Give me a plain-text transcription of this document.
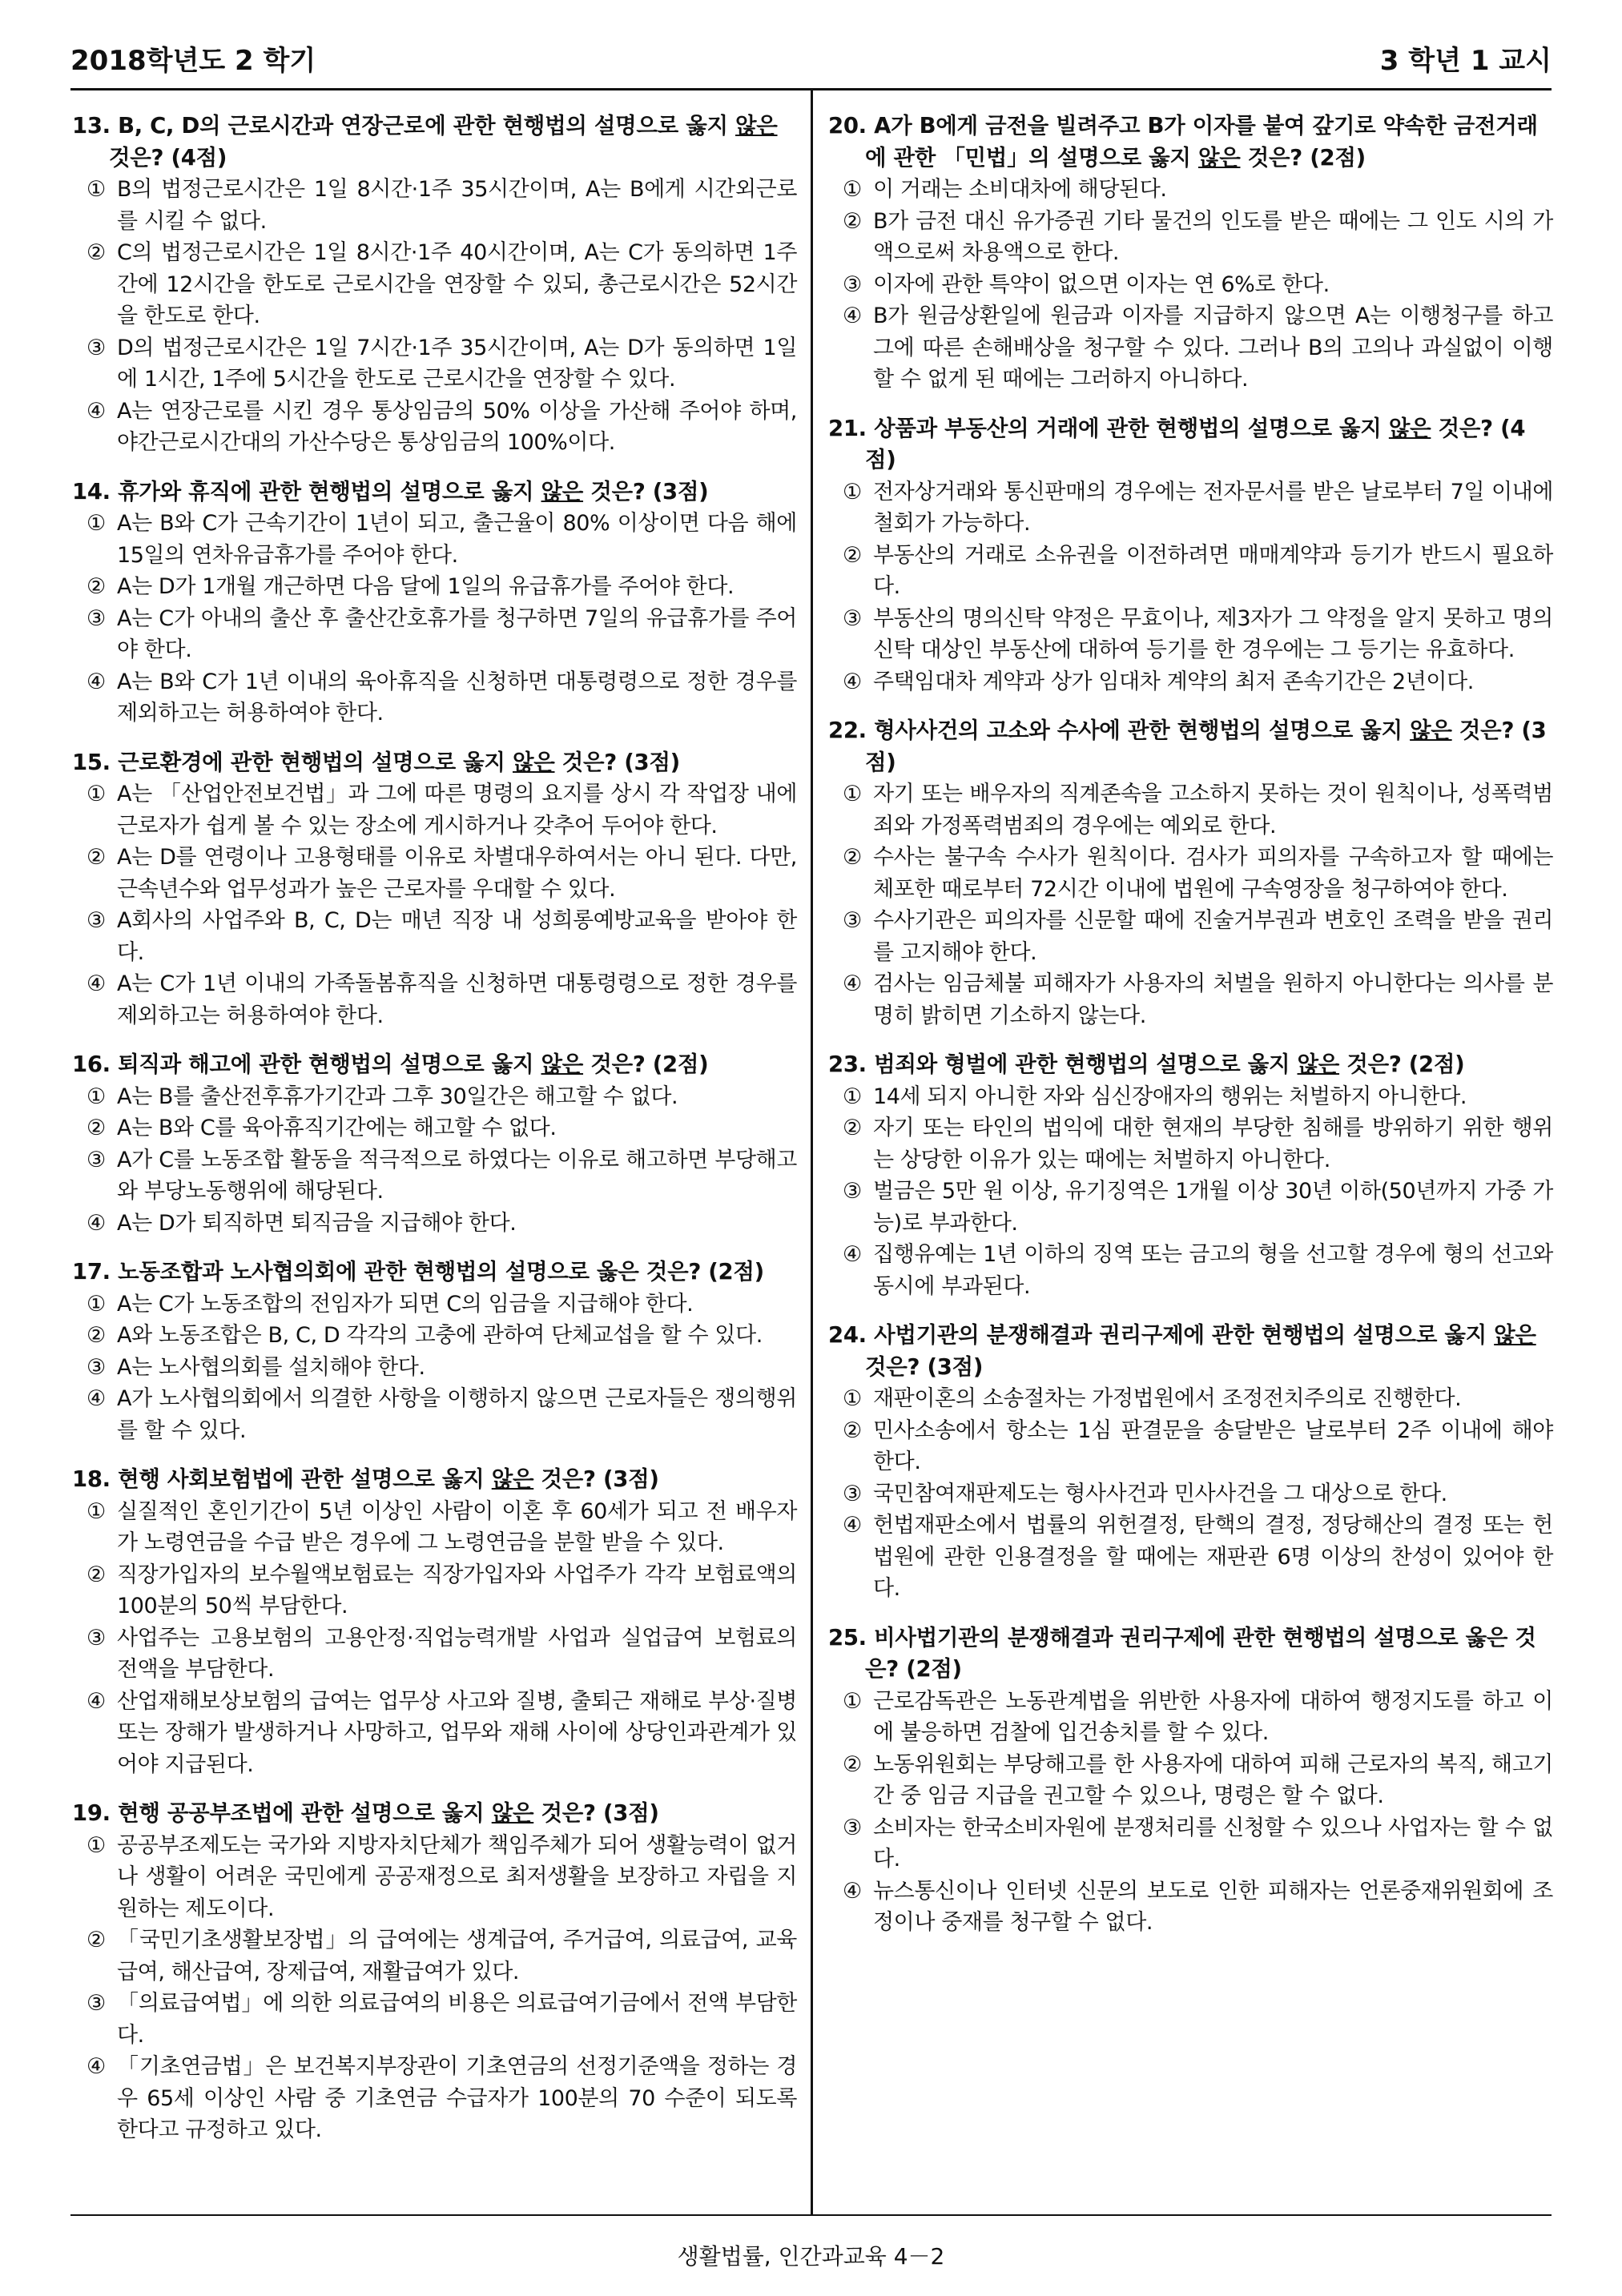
2018학년도 2 학기	3 학년 1 교시
13. B, C, D의 근로시간과 연장근로에 관한 현행법의 설명으로 옳지 않은 것은? (4점)
① B의 법정근로시간은 1일 8시간·1주 35시간이며, A는 B에게 시간외근로를 시킬 수 없다.
② C의 법정근로시간은 1일 8시간·1주 40시간이며, A는 C가 동의하면 1주간에 12시간을 한도로 근로시간을 연장할 수 있되, 총근로시간은 52시간을 한도로 한다.
③ D의 법정근로시간은 1일 7시간·1주 35시간이며, A는 D가 동의하면 1일에 1시간, 1주에 5시간을 한도로 근로시간을 연장할 수 있다.
④ A는 연장근로를 시킨 경우 통상임금의 50% 이상을 가산해 주어야 하며, 야간근로시간대의 가산수당은 통상임금의 100%이다.
14. 휴가와 휴직에 관한 현행법의 설명으로 옳지 않은 것은? (3점)
① A는 B와 C가 근속기간이 1년이 되고, 출근율이 80% 이상이면 다음 해에 15일의 연차유급휴가를 주어야 한다.
② A는 D가 1개월 개근하면 다음 달에 1일의 유급휴가를 주어야 한다.
③ A는 C가 아내의 출산 후 출산간호휴가를 청구하면 7일의 유급휴가를 주어야 한다.
④ A는 B와 C가 1년 이내의 육아휴직을 신청하면 대통령령으로 정한 경우를 제외하고는 허용하여야 한다.
15. 근로환경에 관한 현행법의 설명으로 옳지 않은 것은? (3점)
① A는 「산업안전보건법」과 그에 따른 명령의 요지를 상시 각 작업장 내에 근로자가 쉽게 볼 수 있는 장소에 게시하거나 갖추어 두어야 한다.
② A는 D를 연령이나 고용형태를 이유로 차별대우하여서는 아니 된다. 다만, 근속년수와 업무성과가 높은 근로자를 우대할 수 있다.
③ A회사의 사업주와 B, C, D는 매년 직장 내 성희롱예방교육을 받아야 한다.
④ A는 C가 1년 이내의 가족돌봄휴직을 신청하면 대통령령으로 정한 경우를 제외하고는 허용하여야 한다.
16. 퇴직과 해고에 관한 현행법의 설명으로 옳지 않은 것은? (2점)
① A는 B를 출산전후휴가기간과 그후 30일간은 해고할 수 없다.
② A는 B와 C를 육아휴직기간에는 해고할 수 없다.
③ A가 C를 노동조합 활동을 적극적으로 하였다는 이유로 해고하면 부당해고와 부당노동행위에 해당된다.
④ A는 D가 퇴직하면 퇴직금을 지급해야 한다.
17. 노동조합과 노사협의회에 관한 현행법의 설명으로 옳은 것은? (2점)
① A는 C가 노동조합의 전임자가 되면 C의 임금을 지급해야 한다.
② A와 노동조합은 B, C, D 각각의 고충에 관하여 단체교섭을 할 수 있다.
③ A는 노사협의회를 설치해야 한다.
④ A가 노사협의회에서 의결한 사항을 이행하지 않으면 근로자들은 쟁의행위를 할 수 있다.
18. 현행 사회보험법에 관한 설명으로 옳지 않은 것은? (3점)
① 실질적인 혼인기간이 5년 이상인 사람이 이혼 후 60세가 되고 전 배우자가 노령연금을 수급 받은 경우에 그 노령연금을 분할 받을 수 있다.
② 직장가입자의 보수월액보험료는 직장가입자와 사업주가 각각 보험료액의 100분의 50씩 부담한다.
③ 사업주는 고용보험의 고용안정·직업능력개발 사업과 실업급여 보험료의 전액을 부담한다.
④ 산업재해보상보험의 급여는 업무상 사고와 질병, 출퇴근 재해로 부상·질병 또는 장해가 발생하거나 사망하고, 업무와 재해 사이에 상당인과관계가 있어야 지급된다.
19. 현행 공공부조법에 관한 설명으로 옳지 않은 것은? (3점)
① 공공부조제도는 국가와 지방자치단체가 책임주체가 되어 생활능력이 없거나 생활이 어려운 국민에게 공공재정으로 최저생활을 보장하고 자립을 지원하는 제도이다.
② 「국민기초생활보장법」의 급여에는 생계급여, 주거급여, 의료급여, 교육급여, 해산급여, 장제급여, 재활급여가 있다.
③ 「의료급여법」에 의한 의료급여의 비용은 의료급여기금에서 전액 부담한다.
④ 「기초연금법」은 보건복지부장관이 기초연금의 선정기준액을 정하는 경우 65세 이상인 사람 중 기초연금 수급자가 100분의 70 수준이 되도록 한다고 규정하고 있다.
20. A가 B에게 금전을 빌려주고 B가 이자를 붙여 갚기로 약속한 금전거래에 관한 「민법」의 설명으로 옳지 않은 것은? (2점)
① 이 거래는 소비대차에 해당된다.
② B가 금전 대신 유가증권 기타 물건의 인도를 받은 때에는 그 인도 시의 가액으로써 차용액으로 한다.
③ 이자에 관한 특약이 없으면 이자는 연 6%로 한다.
④ B가 원금상환일에 원금과 이자를 지급하지 않으면 A는 이행청구를 하고 그에 따른 손해배상을 청구할 수 있다. 그러나 B의 고의나 과실없이 이행할 수 없게 된 때에는 그러하지 아니하다.
21. 상품과 부동산의 거래에 관한 현행법의 설명으로 옳지 않은 것은? (4점)
① 전자상거래와 통신판매의 경우에는 전자문서를 받은 날로부터 7일 이내에 철회가 가능하다.
② 부동산의 거래로 소유권을 이전하려면 매매계약과 등기가 반드시 필요하다.
③ 부동산의 명의신탁 약정은 무효이나, 제3자가 그 약정을 알지 못하고 명의신탁 대상인 부동산에 대하여 등기를 한 경우에는 그 등기는 유효하다.
④ 주택임대차 계약과 상가 임대차 계약의 최저 존속기간은 2년이다.
22. 형사사건의 고소와 수사에 관한 현행법의 설명으로 옳지 않은 것은? (3점)
① 자기 또는 배우자의 직계존속을 고소하지 못하는 것이 원칙이나, 성폭력범죄와 가정폭력범죄의 경우에는 예외로 한다.
② 수사는 불구속 수사가 원칙이다. 검사가 피의자를 구속하고자 할 때에는 체포한 때로부터 72시간 이내에 법원에 구속영장을 청구하여야 한다.
③ 수사기관은 피의자를 신문할 때에 진술거부권과 변호인 조력을 받을 권리를 고지해야 한다.
④ 검사는 임금체불 피해자가 사용자의 처벌을 원하지 아니한다는 의사를 분명히 밝히면 기소하지 않는다.
23. 범죄와 형벌에 관한 현행법의 설명으로 옳지 않은 것은? (2점)
① 14세 되지 아니한 자와 심신장애자의 행위는 처벌하지 아니한다.
② 자기 또는 타인의 법익에 대한 현재의 부당한 침해를 방위하기 위한 행위는 상당한 이유가 있는 때에는 처벌하지 아니한다.
③ 벌금은 5만 원 이상, 유기징역은 1개월 이상 30년 이하(50년까지 가중 가능)로 부과한다.
④ 집행유예는 1년 이하의 징역 또는 금고의 형을 선고할 경우에 형의 선고와 동시에 부과된다.
24. 사법기관의 분쟁해결과 권리구제에 관한 현행법의 설명으로 옳지 않은 것은? (3점)
① 재판이혼의 소송절차는 가정법원에서 조정전치주의로 진행한다.
② 민사소송에서 항소는 1심 판결문을 송달받은 날로부터 2주 이내에 해야 한다.
③ 국민참여재판제도는 형사사건과 민사사건을 그 대상으로 한다.
④ 헌법재판소에서 법률의 위헌결정, 탄핵의 결정, 정당해산의 결정 또는 헌법원에 관한 인용결정을 할 때에는 재판관 6명 이상의 찬성이 있어야 한다.
25. 비사법기관의 분쟁해결과 권리구제에 관한 현행법의 설명으로 옳은 것은? (2점)
① 근로감독관은 노동관계법을 위반한 사용자에 대하여 행정지도를 하고 이에 불응하면 검찰에 입건송치를 할 수 있다.
② 노동위원회는 부당해고를 한 사용자에 대하여 피해 근로자의 복직, 해고기간 중 임금 지급을 권고할 수 있으나, 명령은 할 수 없다.
③ 소비자는 한국소비자원에 분쟁처리를 신청할 수 있으나 사업자는 할 수 없다.
④ 뉴스통신이나 인터넷 신문의 보도로 인한 피해자는 언론중재위원회에 조정이나 중재를 청구할 수 없다.
생활법률, 인간과교육 4－2
